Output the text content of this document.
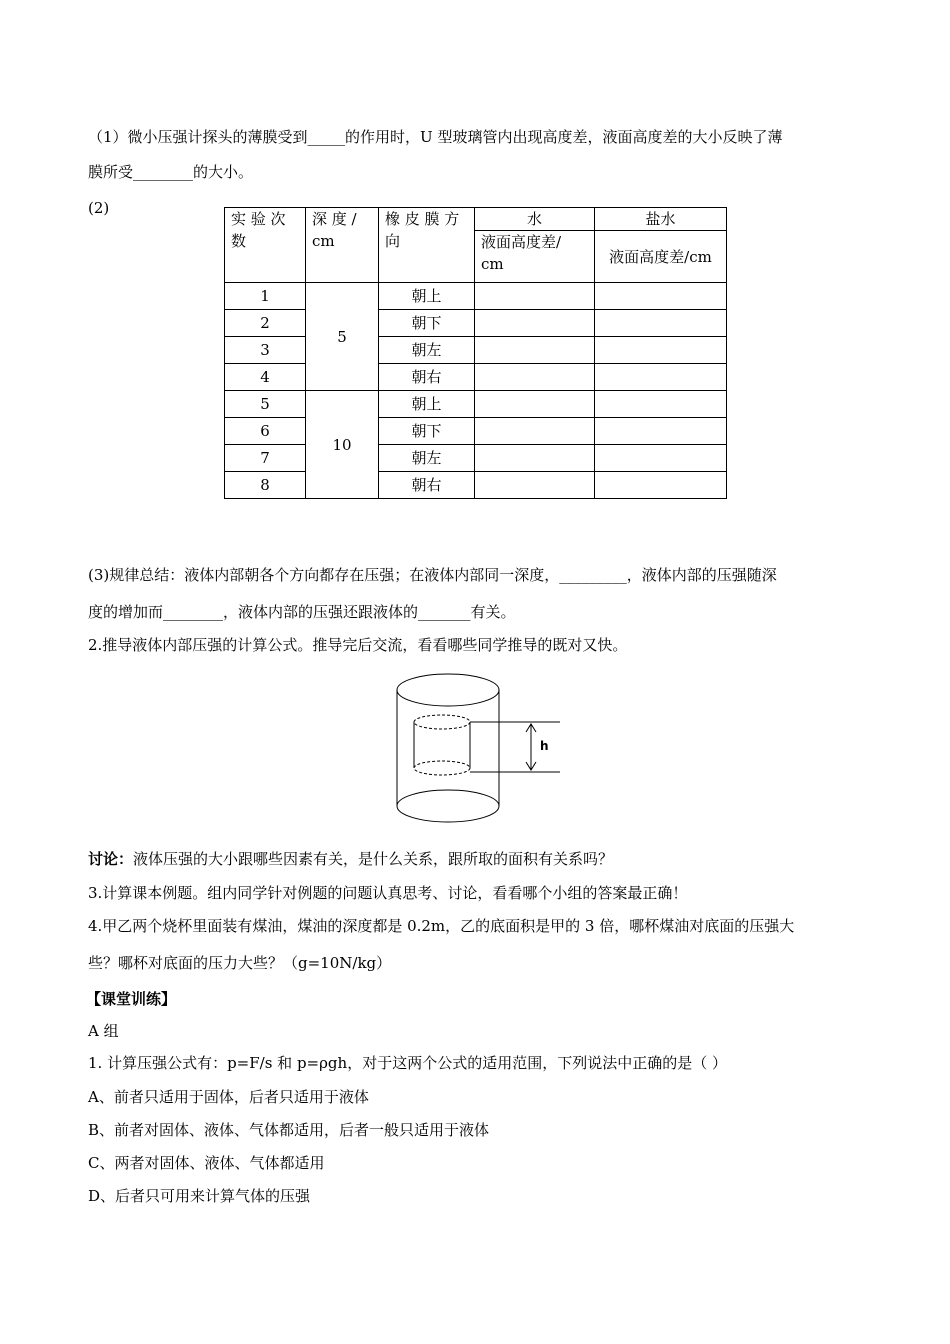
（1）微小压强计探头的薄膜受到_____的作用时，U 型玻璃管内出现高度差，液面高度差的大小反映了薄
膜所受________的大小。
(2)
实 验 次 数	深 度 / cm	橡 皮 膜 方 向	水	盐水
			液面高度差/ cm	液面高度差/cm
1	5	朝上		
2		朝下		
3		朝左		
4		朝右		
5	10	朝上		
6		朝下		
7		朝左		
8		朝右		
(3)规律总结：液体内部朝各个方向都存在压强；在液体内部同一深度，_________，液体内部的压强随深
度的增加而________，液体内部的压强还跟液体的_______有关。
2.推导液体内部压强的计算公式。推导完后交流，看看哪些同学推导的既对又快。
h
讨论：液体压强的大小跟哪些因素有关，是什么关系，跟所取的面积有关系吗？
3.计算课本例题。组内同学针对例题的问题认真思考、讨论，看看哪个小组的答案最正确！
4.甲乙两个烧杯里面装有煤油，煤油的深度都是 0.2m，乙的底面积是甲的 3 倍，哪杯煤油对底面的压强大
些？哪杯对底面的压力大些？（g=10N/kg）
【课堂训练】
A 组
1. 计算压强公式有：p=F/s 和 p=ρgh，对于这两个公式的适用范围，下列说法中正确的是（ ）
A、前者只适用于固体，后者只适用于液体
B、前者对固体、液体、气体都适用，后者一般只适用于液体
C、两者对固体、液体、气体都适用
D、后者只可用来计算气体的压强
